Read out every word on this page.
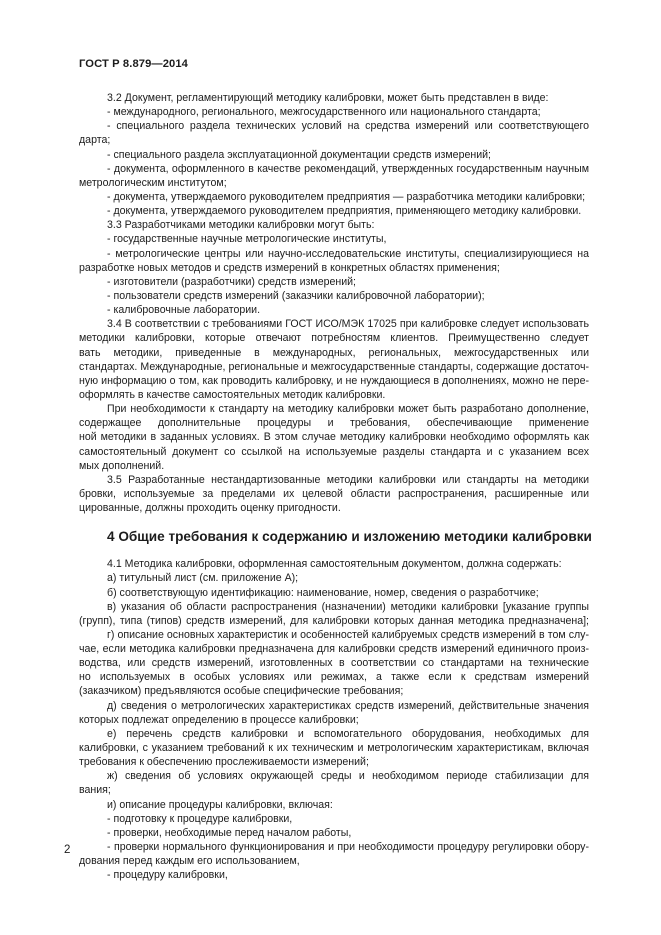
ГОСТ Р 8.879—2014
3.2 Документ, регламентирующий методику калибровки, может быть представлен в виде:
- международного, регионального, межгосударственного или национального стандарта;
- специального раздела технических условий на средства измерений или соответствующего
дарта;
- специального раздела эксплуатационной документации средств измерений;
- документа, оформленного в качестве рекомендаций, утвержденных государственным научным
метрологическим институтом;
- документа, утверждаемого руководителем предприятия — разработчика методики калибровки;
- документа, утверждаемого руководителем предприятия, применяющего методику калибровки.
3.3 Разработчиками методики калибровки могут быть:
- государственные научные метрологические институты,
- метрологические центры или научно-исследовательские институты, специализирующиеся на
разработке новых методов и средств измерений в конкретных областях применения;
- изготовители (разработчики) средств измерений;
- пользователи средств измерений (заказчики калибровочной лаборатории);
- калибровочные лаборатории.
3.4 В соответствии с требованиями ГОСТ ИСО/МЭК 17025 при калибровке следует использовать
методики калибровки, которые отвечают потребностям клиентов. Преимущественно следует
вать методики, приведенные в международных, региональных, межгосударственных или
стандартах. Международные, региональные и межгосударственные стандарты, содержащие достаточ-
ную информацию о том, как проводить калибровку, и не нуждающиеся в дополнениях, можно не пере-
оформлять в качестве самостоятельных методик калибровки.
При необходимости к стандарту на методику калибровки может быть разработано дополнение,
содержащее дополнительные процедуры и требования, обеспечивающие применение
ной методики в заданных условиях. В этом случае методику калибровки необходимо оформлять как
самостоятельный документ со ссылкой на используемые разделы стандарта и с указанием всех
мых дополнений.
3.5 Разработанные нестандартизованные методики калибровки или стандарты на методики
бровки, используемые за пределами их целевой области распространения, расширенные или
цированные, должны проходить оценку пригодности.
4 Общие требования к содержанию и изложению методики калибровки
4.1 Методика калибровки, оформленная самостоятельным документом, должна содержать:
а) титульный лист (см. приложение А);
б) соответствующую идентификацию: наименование, номер, сведения о разработчике;
в) указания об области распространения (назначении) методики калибровки [указание группы
(групп), типа (типов) средств измерений, для калибровки которых данная методика предназначена];
г) описание основных характеристик и особенностей калибруемых средств измерений в том слу-
чае, если методика калибровки предназначена для калибровки средств измерений единичного произ-
водства, или средств измерений, изготовленных в соответствии со стандартами на технические
но используемых в особых условиях или режимах, а также если к средствам измерений
(заказчиком) предъявляются особые специфические требования;
д) сведения о метрологических характеристиках средств измерений, действительные значения
которых подлежат определению в процессе калибровки;
е) перечень средств калибровки и вспомогательного оборудования, необходимых для
калибровки, с указанием требований к их техническим и метрологическим характеристикам, включая
требования к обеспечению прослеживаемости измерений;
ж) сведения об условиях окружающей среды и необходимом периоде стабилизации для
вания;
и) описание процедуры калибровки, включая:
- подготовку к процедуре калибровки,
- проверки, необходимые перед началом работы,
- проверки нормального функционирования и при необходимости процедуру регулировки обору-
дования перед каждым его использованием,
- процедуру калибровки,
2
